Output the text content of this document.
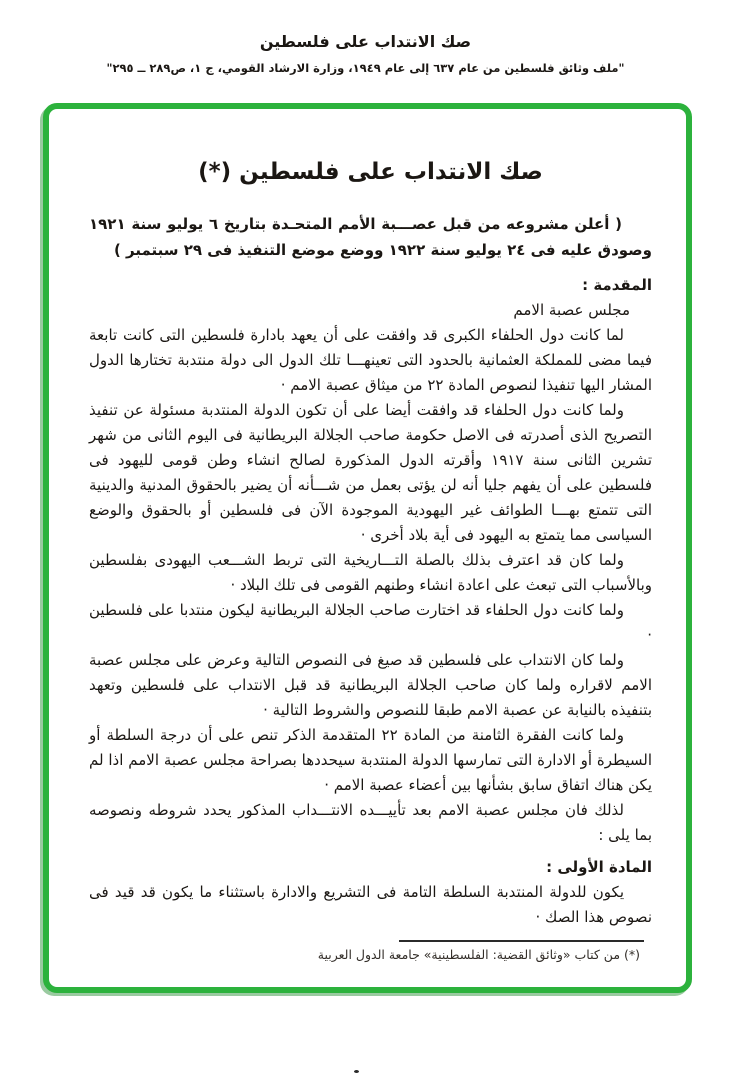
صك الانتداب على فلسطين
"ملف وثائق فلسطين من عام ٦٣٧ إلى عام ١٩٤٩، وزارة الارشاد القومي، ج ١، ص٢٨٩ ــ ٢٩٥"
صك الانتداب على فلسطين (*)

( أعلن مشروعه من قبل عصـــبة الأمم المتحـدة بتاريخ ٦ يوليو سنة ١٩٢١ وصودق عليه فى ٢٤ يوليو سنة ١٩٢٢ ووضع موضع التنفيذ فى ٢٩ سبتمبر )

المقدمة :

مجلس عصبة الامم

لما كانت دول الحلفاء الكبرى قد وافقت على أن يعهد بادارة فلسطين التى كانت تابعة فيما مضى للمملكة العثمانية بالحدود التى تعينهـــا تلك الدول الى دولة منتدبة تختارها الدول المشار اليها تنفيذا لنصوص المادة ٢٢ من ميثاق عصبة الامم ·

ولما كانت دول الحلفاء قد وافقت أيضا على أن تكون الدولة المنتدبة مسئولة عن تنفيذ التصريح الذى أصدرته فى الاصل حكومة صاحب الجلالة البريطانية فى اليوم الثانى من شهر تشرين الثانى سنة ١٩١٧ وأقرته الدول المذكورة لصالح انشاء وطن قومى لليهود فى فلسطين على أن يفهم جليا أنه لن يؤتى بعمل من شـــأنه أن يضير بالحقوق المدنية والدينية التى تتمتع بهـــا الطوائف غير اليهودية الموجودة الآن فى فلسطين أو بالحقوق والوضع السياسى مما يتمتع به اليهود فى أية بلاد أخرى ·

ولما كان قد اعترف بذلك بالصلة التـــاريخية التى تربط الشـــعب اليهودى بفلسطين وبالأسباب التى تبعث على اعادة انشاء وطنهم القومى فى تلك البلاد ·

ولما كانت دول الحلفاء قد اختارت صاحب الجلالة البريطانية ليكون منتدبا على فلسطين ·

ولما كان الانتداب على فلسطين قد صيغ فى النصوص التالية وعرض على مجلس عصبة الامم لاقراره ولما كان صاحب الجلالة البريطانية قد قبل الانتداب على فلسطين وتعهد بتنفيذه بالنيابة عن عصبة الامم طبقا للنصوص والشروط التالية ·

ولما كانت الفقرة الثامنة من المادة ٢٢ المتقدمة الذكر تنص على أن درجة السلطة أو السيطرة أو الادارة التى تمارسها الدولة المنتدبة سيحددها بصراحة مجلس عصبة الامم اذا لم يكن هناك اتفاق سابق بشأنها بين أعضاء عصبة الامم ·

لذلك فان مجلس عصبة الامم بعد تأييـــده الانتـــداب المذكور يحدد شروطه ونصوصه بما يلى :

المادة الأولى :

يكون للدولة المنتدبة السلطة التامة فى التشريع والادارة باستثناء ما يكون قد قيد فى نصوص هذا الصك ·

(*) من كتاب «وثائق القضية: الفلسطينية» جامعة الدول العربية
